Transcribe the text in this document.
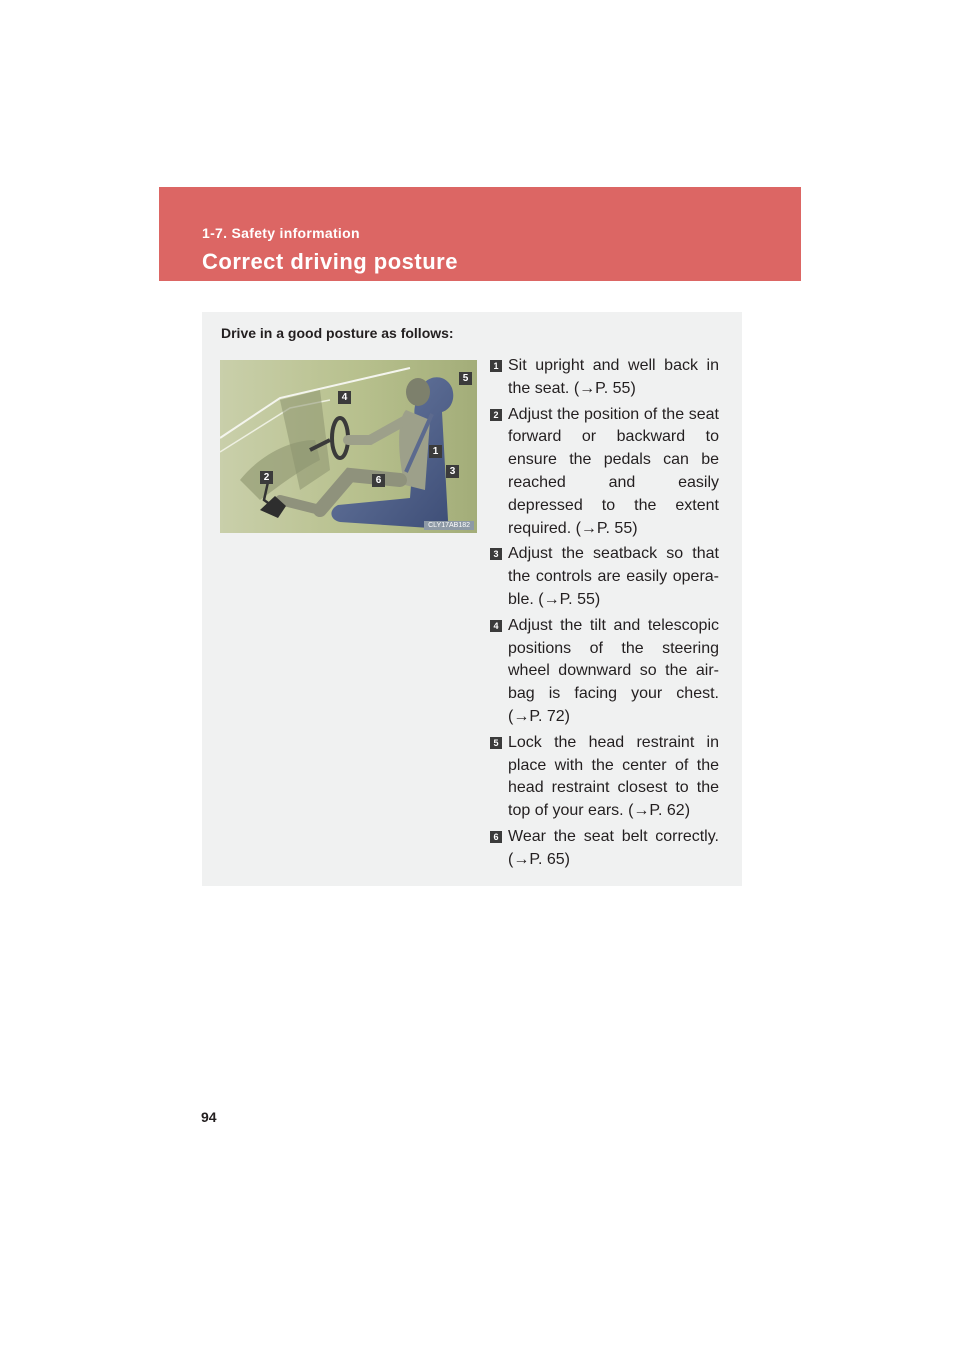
1-7. Safety information
Correct driving posture
Drive in a good posture as follows:
5
4
1
3
2	6
CLY17AB182
1 Sit upright and well back in the seat. (→P. 55)
2 Adjust the position of the seat forward or backward to ensure the pedals can be reached and easily depressed to the extent required. (→P. 55)
3 Adjust the seatback so that the controls are easily opera-ble. (→P. 55)
4 Adjust the tilt and telescopic positions of the steering wheel downward so the air-bag is facing your chest. (→P. 72)
5 Lock the head restraint in place with the center of the head restraint closest to the top of your ears. (→P. 62)
6 Wear the seat belt correctly. (→P. 65)
94
